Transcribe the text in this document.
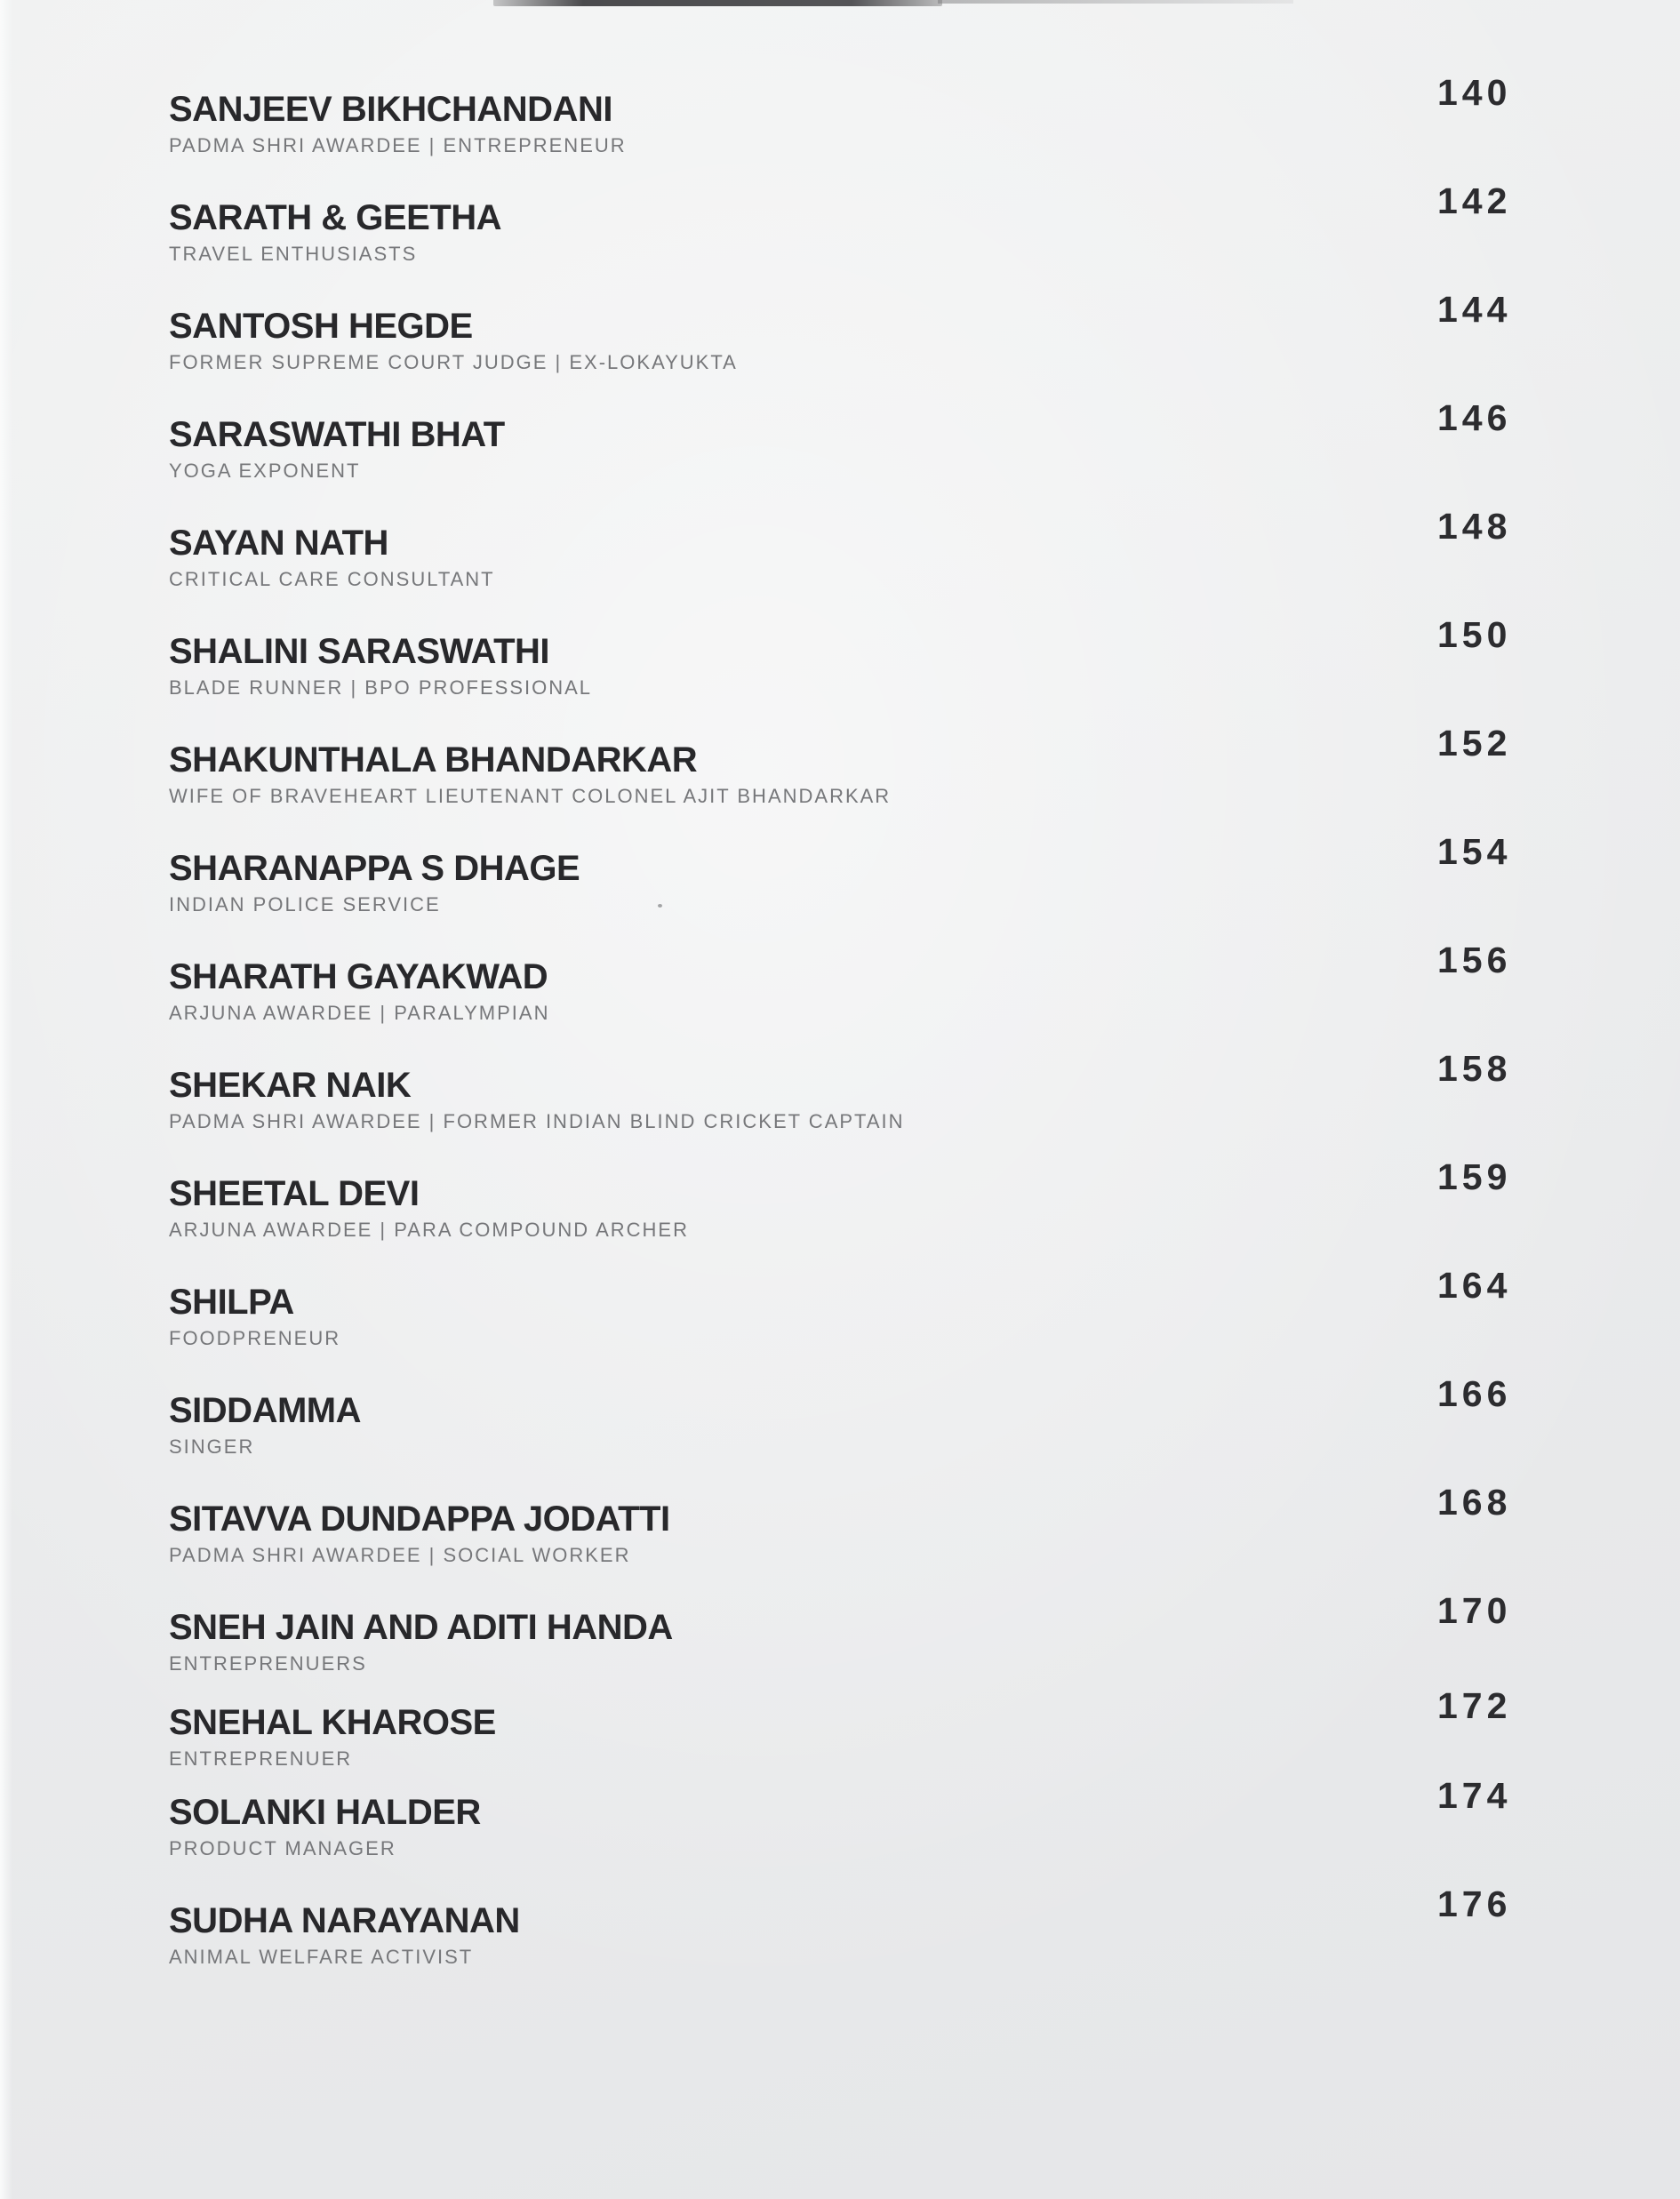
SANJEEV BIKHCHANDANI
PADMA SHRI AWARDEE | ENTREPRENEUR
140
SARATH & GEETHA
TRAVEL ENTHUSIASTS
142
SANTOSH HEGDE
FORMER SUPREME COURT JUDGE | EX-LOKAYUKTA
144
SARASWATHI BHAT
YOGA EXPONENT
146
SAYAN NATH
CRITICAL CARE CONSULTANT
148
SHALINI SARASWATHI
BLADE RUNNER | BPO PROFESSIONAL
150
SHAKUNTHALA BHANDARKAR
WIFE OF BRAVEHEART LIEUTENANT COLONEL AJIT BHANDARKAR
152
SHARANAPPA S DHAGE
INDIAN POLICE SERVICE
154
SHARATH GAYAKWAD
ARJUNA AWARDEE | PARALYMPIAN
156
SHEKAR NAIK
PADMA SHRI AWARDEE | FORMER INDIAN BLIND CRICKET CAPTAIN
158
SHEETAL DEVI
ARJUNA AWARDEE | PARA COMPOUND ARCHER
159
SHILPA
FOODPRENEUR
164
SIDDAMMA
SINGER
166
SITAVVA DUNDAPPA JODATTI
PADMA SHRI AWARDEE | SOCIAL WORKER
168
SNEH JAIN AND ADITI HANDA
ENTREPRENUERS
170
SNEHAL KHAROSE
ENTREPRENUER
172
SOLANKI HALDER
PRODUCT MANAGER
174
SUDHA NARAYANAN
ANIMAL WELFARE ACTIVIST
176
